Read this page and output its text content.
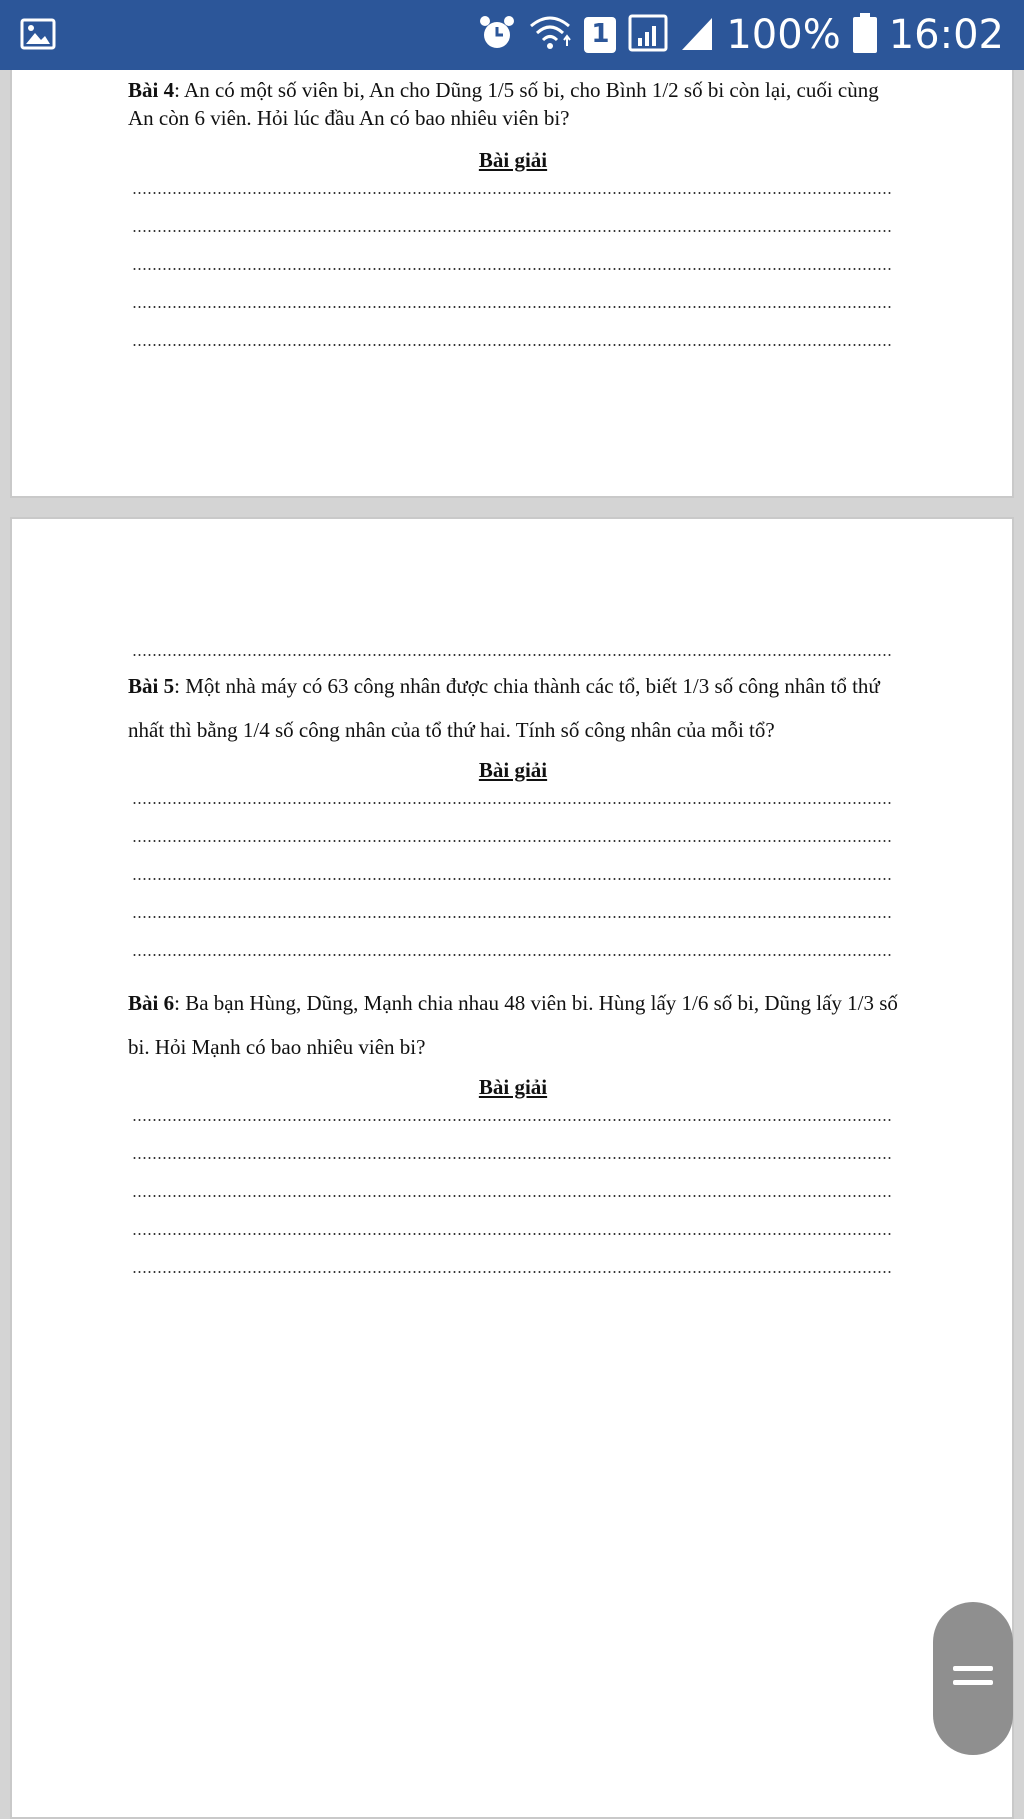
1	100% 16:02

Bài 4: An có một số viên bi, An cho Dũng 1/5 số bi, cho Bình 1/2 số bi còn lại, cuối cùng An còn 6 viên. Hỏi lúc đầu An có bao nhiêu viên bi?

Bài giải

Bài 5: Một nhà máy có 63 công nhân được chia thành các tổ, biết 1/3 số công nhân tổ thứ nhất thì bằng 1/4 số công nhân của tổ thứ hai. Tính số công nhân của mỗi tổ?

Bài giải

Bài 6: Ba bạn Hùng, Dũng, Mạnh chia nhau 48 viên bi. Hùng lấy 1/6 số bi, Dũng lấy 1/3 số bi. Hỏi Mạnh có bao nhiêu viên bi?

Bài giải
